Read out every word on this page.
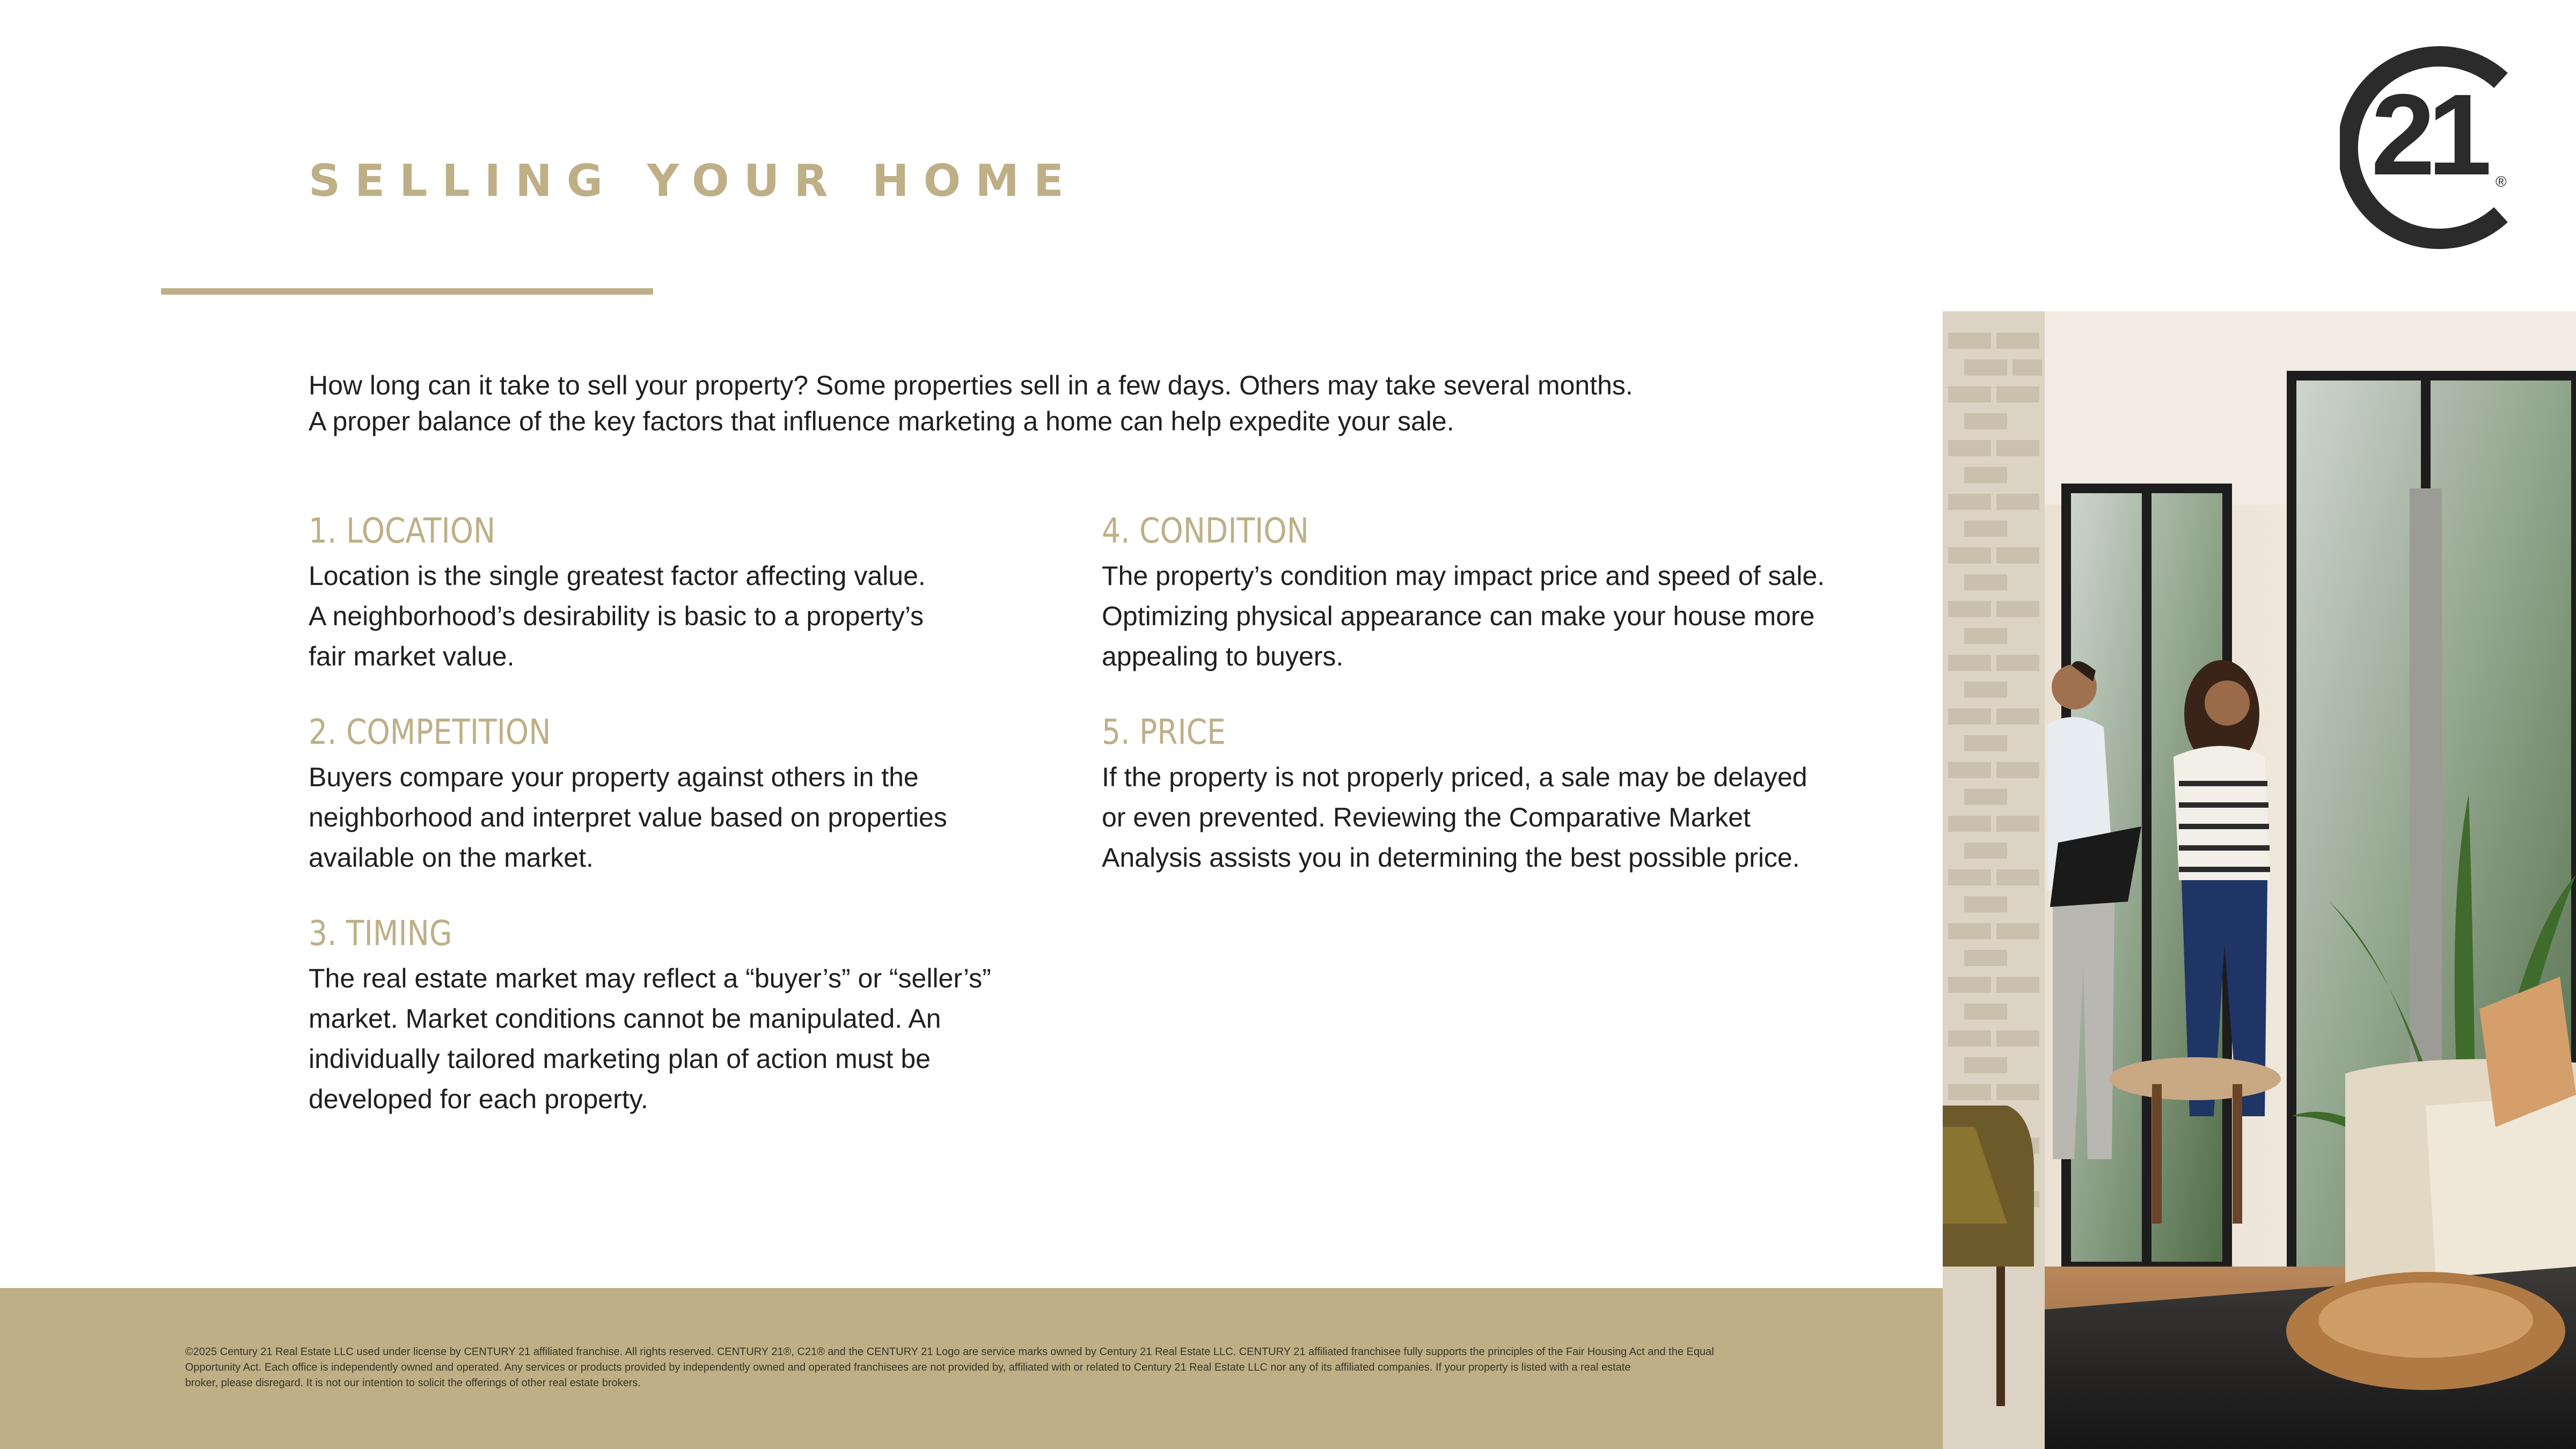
SELLING YOUR HOME	21 ®

How long can it take to sell your property? Some properties sell in a few days. Others may take several months.

A proper balance of the key factors that influence marketing a home can help expedite your sale.

1. LOCATION

Location is the single greatest factor affecting value.
A neighborhood’s desirability is basic to a property’s
fair market value.

2. COMPETITION

Buyers compare your property against others in the
neighborhood and interpret value based on properties
available on the market.

3. TIMING

The real estate market may reflect a “buyer’s” or “seller’s”
market. Market conditions cannot be manipulated. An
individually tailored marketing plan of action must be
developed for each property.

4. CONDITION

The property’s condition may impact price and speed of sale.
Optimizing physical appearance can make your house more
appealing to buyers.

5. PRICE

If the property is not properly priced, a sale may be delayed
or even prevented. Reviewing the Comparative Market
Analysis assists you in determining the best possible price.

©2025 Century 21 Real Estate LLC used under license by CENTURY 21 affiliated franchise. All rights reserved. CENTURY 21®, C21® and the CENTURY 21 Logo are service marks owned by Century 21 Real Estate LLC. CENTURY 21 affiliated franchisee fully supports the principles of the Fair Housing Act and the Equal
Opportunity Act. Each office is independently owned and operated. Any services or products provided by independently owned and operated franchisees are not provided by, affiliated with or related to Century 21 Real Estate LLC nor any of its affiliated companies. If your property is listed with a real estate
broker, please disregard. It is not our intention to solicit the offerings of other real estate brokers.
